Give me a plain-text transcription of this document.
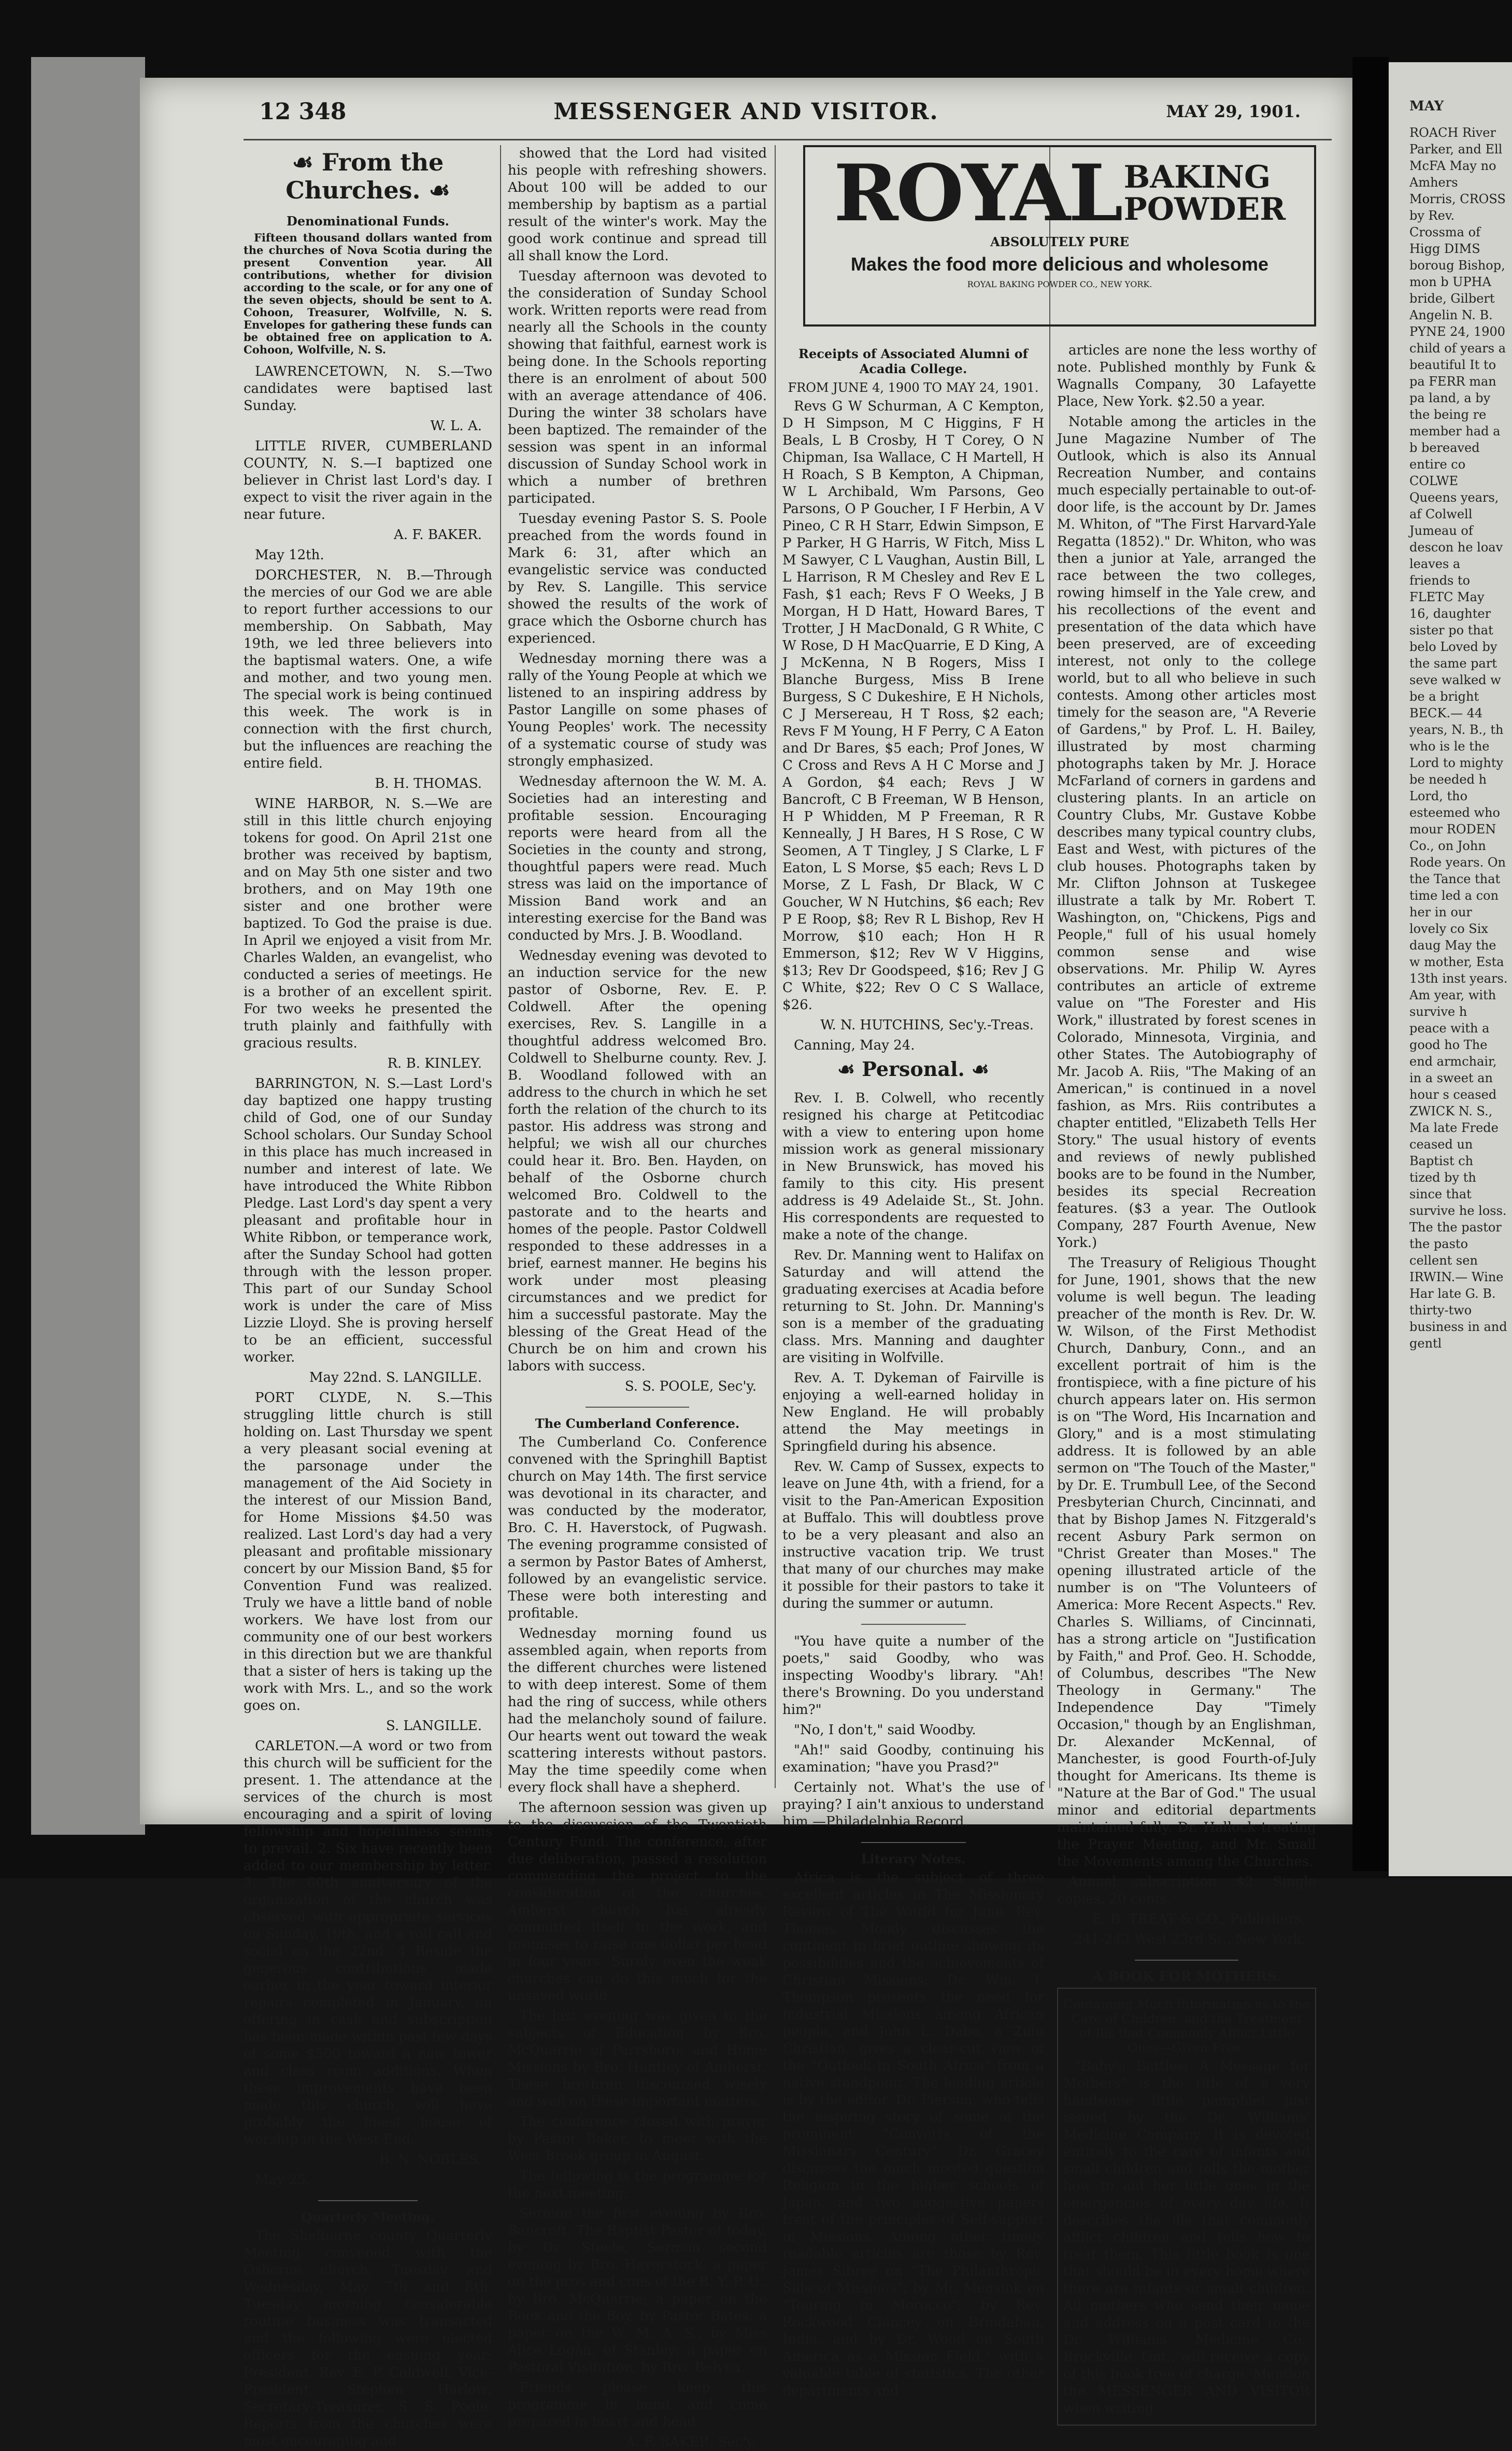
12 348	MESSENGER AND VISITOR.	MAY 29, 1901.
☙ From the Churches. ☙
Denominational Funds.
Fifteen thousand dollars wanted from the churches of Nova Scotia during the present Convention year. All contributions, whether for division according to the scale, or for any one of the seven objects, should be sent to A. Cohoon, Treasurer, Wolfville, N. S. Envelopes for gathering these funds can be obtained free on application to A. Cohoon, Wolfville, N. S.

LAWRENCETOWN, N. S.—Two candidates were baptised last Sunday.

W. L. A.

LITTLE RIVER, CUMBERLAND COUNTY, N. S.—I baptized one believer in Christ last Lord's day. I expect to visit the river again in the near future.

A. F. BAKER.
May 12th.

DORCHESTER, N. B.—Through the mercies of our God we are able to report further accessions to our membership. On Sabbath, May 19th, we led three believers into the baptismal waters. One, a wife and mother, and two young men. The special work is being continued this week. The work is in connection with the first church, but the influences are reaching the entire field.

B. H. THOMAS.

WINE HARBOR, N. S.—We are still in this little church enjoying tokens for good. On April 21st one brother was received by baptism, and on May 5th one sister and two brothers, and on May 19th one sister and one brother were baptized. To God the praise is due. In April we enjoyed a visit from Mr. Charles Walden, an evangelist, who conducted a series of meetings. He is a brother of an excellent spirit. For two weeks he presented the truth plainly and faithfully with gracious results.

R. B. KINLEY.

BARRINGTON, N. S.—Last Lord's day baptized one happy trusting child of God, one of our Sunday School scholars. Our Sunday School in this place has much increased in number and interest of late. We have introduced the White Ribbon Pledge. Last Lord's day spent a very pleasant and profitable hour in White Ribbon, or temperance work, after the Sunday School had gotten through with the lesson proper. This part of our Sunday School work is under the care of Miss Lizzie Lloyd. She is proving herself to be an efficient, successful worker.

May 22nd. S. LANGILLE.

PORT CLYDE, N. S.—This struggling little church is still holding on. Last Thursday we spent a very pleasant social evening at the parsonage under the management of the Aid Society in the interest of our Mission Band, for Home Missions $4.50 was realized. Last Lord's day had a very pleasant and profitable missionary concert by our Mission Band, $5 for Convention Fund was realized. Truly we have a little band of noble workers. We have lost from our community one of our best workers in this direction but we are thankful that a sister of hers is taking up the work with Mrs. L., and so the work goes on.

S. LANGILLE.

CARLETON.—A word or two from this church will be sufficient for the present. 1. The attendance at the services of the church is most encouraging and a spirit of loving fellowship and hopefulness seems to prevail. 2. Six have recently been added to our membership by letter. 3. The 60th anniversary of the organization of the church was observed with appropriate services on Sunday, 19th, and a roll call and social on the 22nd. 4 Beside the generous contributions made earlier in the year toward interior repairs completed in January, an offering in cash and subscription has been made within past few days of some $500 toward a new tower and class room additions. When these improvements have been made this church will have probably the finest house of worship in the West End.

B. N. NOBLES.
May 25.
Quarterly Meeting.

The Shelburne county Quarterly Meeting convened with the Osborne church, Tuesday and Wednesday, May 7th and 8th. Tuesday morning considerable routine business was transacted and the following were elected officers for the ensuing year: President, Rev. E. P. Coldwell; Vice-President, Stephen Harlow; Secretary-Treasurer, S. S. Poole. Reports from the churches were most encouraging and

showed that the Lord had visited his people with refreshing showers. About 100 will be added to our membership by baptism as a partial result of the winter's work. May the good work continue and spread till all shall know the Lord.

Tuesday afternoon was devoted to the consideration of Sunday School work. Written reports were read from nearly all the Schools in the county showing that faithful, earnest work is being done. In the Schools reporting there is an enrolment of about 500 with an average attendance of 406. During the winter 38 scholars have been baptized. The remainder of the session was spent in an informal discussion of Sunday School work in which a number of brethren participated.

Tuesday evening Pastor S. S. Poole preached from the words found in Mark 6: 31, after which an evangelistic service was conducted by Rev. S. Langille. This service showed the results of the work of grace which the Osborne church has experienced.

Wednesday morning there was a rally of the Young People at which we listened to an inspiring address by Pastor Langille on some phases of Young Peoples' work. The necessity of a systematic course of study was strongly emphasized.

Wednesday afternoon the W. M. A. Societies had an interesting and profitable session. Encouraging reports were heard from all the Societies in the county and strong, thoughtful papers were read. Much stress was laid on the importance of Mission Band work and an interesting exercise for the Band was conducted by Mrs. J. B. Woodland.

Wednesday evening was devoted to an induction service for the new pastor of Osborne, Rev. E. P. Coldwell. After the opening exercises, Rev. S. Langille in a thoughtful address welcomed Bro. Coldwell to Shelburne county. Rev. J. B. Woodland followed with an address to the church in which he set forth the relation of the church to its pastor. His address was strong and helpful; we wish all our churches could hear it. Bro. Ben. Hayden, on behalf of the Osborne church welcomed Bro. Coldwell to the pastorate and to the hearts and homes of the people. Pastor Coldwell responded to these addresses in a brief, earnest manner. He begins his work under most pleasing circumstances and we predict for him a successful pastorate. May the blessing of the Great Head of the Church be on him and crown his labors with success.

S. S. POOLE, Sec'y.
The Cumberland Conference.

The Cumberland Co. Conference convened with the Springhill Baptist church on May 14th. The first service was devotional in its character, and was conducted by the moderator, Bro. C. H. Haverstock, of Pugwash. The evening programme consisted of a sermon by Pastor Bates of Amherst, followed by an evangelistic service. These were both interesting and profitable.

Wednesday morning found us assembled again, when reports from the different churches were listened to with deep interest. Some of them had the ring of success, while others had the melancholy sound of failure. Our hearts went out toward the weak scattering interests without pastors. May the time speedily come when every flock shall have a shepherd.

The afternoon session was given up to the discussion of the Twentieth Century Fund. The conference, after due deliberation, passed a resolution commending the project to the consideration of the churches. Amherst church has already committed itself to the work, and promises to raise one dollar per head in four years. Surely even the weak churches can do this much for the unsaved world.

The last evening was given to the subjects of Education by Bro. McQuarrie of Parrsboro; and Home Missions by Bro. Huntley of Amherst. These brethren discoursed wisely and well on these important matters.

The conference closed with prayer by Pastor Baker, to meet with the West Brook group in August.

The following is the programme for the next meeting:

Sermon the first evening by Bro. Bancroft; The Baptist Pastor of today, by Dr. Steele; Sermon second evening by Bro. Haverstock; a paper on the pros and cons of the B. Y. P. U., by Bro. McQuarrie; a paper on the Book and the Boy, by Pastor Bates; a paper on the W. M. A. S., by Miss Alice Logan, of Stanley; a paper on Pastoral Visitation, by Bro. Belyea.

Friends please keep this programme in mind and come prepared in heart and head.

A. F. BAKER, Sec'y.
ROYAL BAKING
POWDER
ABSOLUTELY PURE
Makes the food more delicious and wholesome
ROYAL BAKING POWDER CO., NEW YORK.
Receipts of Associated Alumni of Acadia College.
FROM JUNE 4, 1900 TO MAY 24, 1901.

Revs G W Schurman, A C Kempton, D H Simpson, M C Higgins, F H Beals, L B Crosby, H T Corey, O N Chipman, Isa Wallace, C H Martell, H H Roach, S B Kempton, A Chipman, W L Archibald, Wm Parsons, Geo Parsons, O P Goucher, I F Herbin, A V Pineo, C R H Starr, Edwin Simpson, E P Parker, H G Harris, W Fitch, Miss L M Sawyer, C L Vaughan, Austin Bill, L L Harrison, R M Chesley and Rev E L Fash, $1 each; Revs F O Weeks, J B Morgan, H D Hatt, Howard Bares, T Trotter, J H MacDonald, G R White, C W Rose, D H MacQuarrie, E D King, A J McKenna, N B Rogers, Miss I Blanche Burgess, Miss B Irene Burgess, S C Dukeshire, E H Nichols, C J Mersereau, H T Ross, $2 each; Revs F M Young, H F Perry, C A Eaton and Dr Bares, $5 each; Prof Jones, W C Cross and Revs A H C Morse and J A Gordon, $4 each; Revs J W Bancroft, C B Freeman, W B Henson, H P Whidden, M P Freeman, R R Kenneally, J H Bares, H S Rose, C W Seomen, A T Tingley, J S Clarke, L F Eaton, L S Morse, $5 each; Revs L D Morse, Z L Fash, Dr Black, W C Goucher, W N Hutchins, $6 each; Rev P E Roop, $8; Rev R L Bishop, Rev H Morrow, $10 each; Hon H R Emmerson, $12; Rev W V Higgins, $13; Rev Dr Goodspeed, $16; Rev J G C White, $22; Rev O C S Wallace, $26.

W. N. HUTCHINS, Sec'y.-Treas.
Canning, May 24.
☙ Personal. ☙

Rev. I. B. Colwell, who recently resigned his charge at Petitcodiac with a view to entering upon home mission work as general missionary in New Brunswick, has moved his family to this city. His present address is 49 Adelaide St., St. John. His correspondents are requested to make a note of the change.

Rev. Dr. Manning went to Halifax on Saturday and will attend the graduating exercises at Acadia before returning to St. John. Dr. Manning's son is a member of the graduating class. Mrs. Manning and daughter are visiting in Wolfville.

Rev. A. T. Dykeman of Fairville is enjoying a well-earned holiday in New England. He will probably attend the May meetings in Springfield during his absence.

Rev. W. Camp of Sussex, expects to leave on June 4th, with a friend, for a visit to the Pan-American Exposition at Buffalo. This will doubtless prove to be a very pleasant and also an instructive vacation trip. We trust that many of our churches may make it possible for their pastors to take it during the summer or autumn.

"You have quite a number of the poets," said Goodby, who was inspecting Woodby's library. "Ah! there's Browning. Do you understand him?"

"No, I don't," said Woodby.

"Ah!" said Goodby, continuing his examination; "have you Prasd?"

Certainly not. What's the use of praying? I ain't anxious to understand him.—Philadelphia Record.

Literary Notes.

Africa is the subject of three excellent articles in The Missionary Review of The World for June. Rev. Thomas Moody discusses the continent in brief outline showing its possibilities and the achievements of Christian Missions; Dr. Wm. I. Thompson presents the need for industrial Missions among African people, and John L. Dabe, a Zulu Christian, gives a clear-cut view of the "Outlook in South Africa" from a native standpoint. The leading article is by the editor, Dr. Pierson, who tells the inspiring story of some of the prominent "Converts of the Missionary Century." Dr. Gracey discusses the much mooted question Religion in the higher schools of Japan, and two suggestive papers treat of the principles of Self-support in Missions. Among other timely readable articles are those by Rev. James Sibree on "The Philanthropic Side of Missions"; by Mr. Mensink on "Touring in Morocco"; by Rev. Rockwood Clancey on Brindaban, India, and by Dr. Wood on South America as a Mission Field," with a valuable table of statistics. The other departments and

articles are none the less worthy of note. Published monthly by Funk & Wagnalls Company, 30 Lafayette Place, New York. $2.50 a year.

Notable among the articles in the June Magazine Number of The Outlook, which is also its Annual Recreation Number, and contains much especially pertainable to out-of-door life, is the account by Dr. James M. Whiton, of "The First Harvard-Yale Regatta (1852)." Dr. Whiton, who was then a junior at Yale, arranged the race between the two colleges, rowing himself in the Yale crew, and his recollections of the event and presentation of the data which have been preserved, are of exceeding interest, not only to the college world, but to all who believe in such contests. Among other articles most timely for the season are, "A Reverie of Gardens," by Prof. L. H. Bailey, illustrated by most charming photographs taken by Mr. J. Horace McFarland of corners in gardens and clustering plants. In an article on Country Clubs, Mr. Gustave Kobbe describes many typical country clubs, East and West, with pictures of the club houses. Photographs taken by Mr. Clifton Johnson at Tuskegee illustrate a talk by Mr. Robert T. Washington, on, "Chickens, Pigs and People," full of his usual homely common sense and wise observations. Mr. Philip W. Ayres contributes an article of extreme value on "The Forester and His Work," illustrated by forest scenes in Colorado, Minnesota, Virginia, and other States. The Autobiography of Mr. Jacob A. Riis, "The Making of an American," is continued in a novel fashion, as Mrs. Riis contributes a chapter entitled, "Elizabeth Tells Her Story." The usual history of events and reviews of newly published books are to be found in the Number, besides its special Recreation features. ($3 a year. The Outlook Company, 287 Fourth Avenue, New York.)

The Treasury of Religious Thought for June, 1901, shows that the new volume is well begun. The leading preacher of the month is Rev. Dr. W. W. Wilson, of the First Methodist Church, Danbury, Conn., and an excellent portrait of him is the frontispiece, with a fine picture of his church appears later on. His sermon is on "The Word, His Incarnation and Glory," and is a most stimulating address. It is followed by an able sermon on "The Touch of the Master," by Dr. E. Trumbull Lee, of the Second Presbyterian Church, Cincinnati, and that by Bishop James N. Fitzgerald's recent Asbury Park sermon on "Christ Greater than Moses." The opening illustrated article of the number is on "The Volunteers of America: More Recent Aspects." Rev. Charles S. Williams, of Cincinnati, has a strong article on "Justification by Faith," and Prof. Geo. H. Schodde, of Columbus, describes "The New Theology in Germany." The Independence Day "Timely Occasion," though by an Englishman, Dr. Alexander McKennal, of Manchester, is good Fourth-of-July thought for Americans. Its theme is "Nature at the Bar of God." The usual minor and editorial departments maintained fully. Dr. Hallock treating the Prayer Meeting, and Mr. Small the Movements among the Churches.

Annual subscription, $2. Single copies, 20 cents.

E. B. TREAT & CO., Publishers,
241-243 West 23rd St., New York.
A BOOK FOR MOTHERS.
Containing Much Information as to the Care of Children, and the Treatment of Ills that Commonly Afflict Little Ones—Given Free.

"Baby's Battles; A Message for Mothers" is the title of a very handsome little pamphlet just issued by the Dr. Williams' Medicine Company. It is devoted entirely to the care of infants and small children and tells the mother how to aid her little ones in the emergencies of every day life. It describes the ills that commonly afflict children and tells how to treat them. This little book is one that should be in every home where there are infants or small children. All mothers who send their name and address on a post card to the Dr. Williams' Medicine Co., Brockville, Ont., will receive a copy of this book free of charge. Mention the MESSENGER AND VISITOR when writing.

MAY
ROACH River Parker, and Ell McFA May no Amhers Morris, CROSS by Rev. Crossma of Higg DIMS boroug Bishop, mon b UPHA bride, Gilbert Angelin N. B. PYNE 24, 1900 child of years a beautiful It to pa FERR man pa land, a by the being re member had a b bereaved entire co COLWE Queens years, af Colwell Jumeau of descon he loav leaves a friends to FLETC May 16, daughter sister po that belo Loved by the same part seve walked w be a bright BECK.— 44 years, N. B., th who is le the Lord to mighty be needed h Lord, tho esteemed who mour RODEN Co., on John Rode years. On the Tance that time led a con her in our lovely co Six daug May the w mother, Esta 13th inst years. Am year, with survive h peace with a good ho The end armchair, in a sweet an hour s ceased ZWICK N. S., Ma late Frede ceased un Baptist ch tized by th since that survive he loss. The the pastor the pasto cellent sen IRWIN.— Wine Har late G. B. thirty-two business in and gentl
